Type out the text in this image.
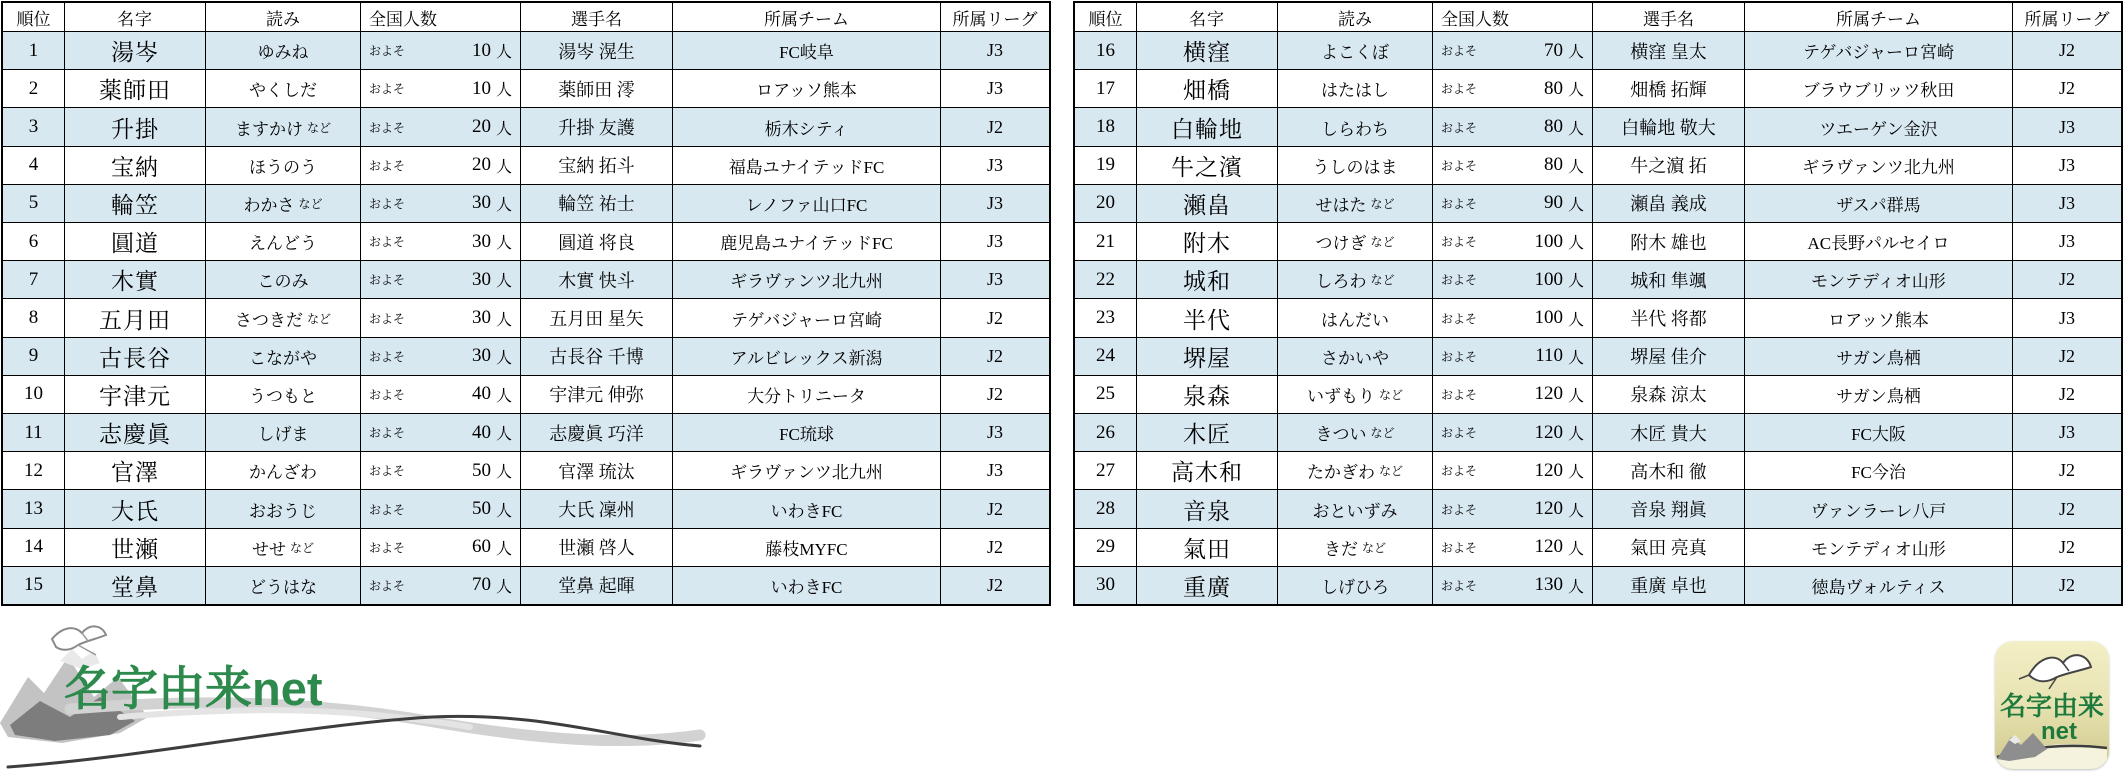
順位	名字	読み	全国人数	選手名	所属チーム	所属リーグ
1	湯岑	ゆみね	およそ	10 人	湯岑 滉生	FC岐阜	J3
2	薬師田	やくしだ	およそ	10 人	薬師田 澪	ロアッソ熊本	J3
3	升掛	ますかけ など	およそ	20 人	升掛 友護	栃木シティ	J2
4	宝納	ほうのう	およそ	20 人	宝納 拓斗	福島ユナイテッドFC	J3
5	輪笠	わかさ など	およそ	30 人	輪笠 祐士	レノファ山口FC	J3
6	圓道	えんどう	およそ	30 人	圓道 将良	鹿児島ユナイテッドFC	J3
7	木實	このみ	およそ	30 人	木實 快斗	ギラヴァンツ北九州	J3
8	五月田	さつきだ など	およそ	30 人	五月田 星矢	テゲバジャーロ宮崎	J2
9	古長谷	こながや	およそ	30 人	古長谷 千博	アルビレックス新潟	J2
10	宇津元	うつもと	およそ	40 人	宇津元 伸弥	大分トリニータ	J2
11	志慶眞	しげま	およそ	40 人	志慶眞 巧洋	FC琉球	J3
12	官澤	かんざわ	およそ	50 人	官澤 琉汰	ギラヴァンツ北九州	J3
13	大氏	おおうじ	およそ	50 人	大氏 凜州	いわきFC	J2
14	世瀬	せせ など	およそ	60 人	世瀬 啓人	藤枝MYFC	J2
15	堂鼻	どうはな	およそ	70 人	堂鼻 起暉	いわきFC	J2
順位	名字	読み	全国人数	選手名	所属チーム	所属リーグ
16	横窪	よこくぼ	およそ	70 人	横窪 皇太	テゲバジャーロ宮崎	J2
17	畑橋	はたはし	およそ	80 人	畑橋 拓輝	ブラウブリッツ秋田	J2
18	白輪地	しらわち	およそ	80 人	白輪地 敬大	ツエーゲン金沢	J3
19	牛之濱	うしのはま	およそ	80 人	牛之濵 拓	ギラヴァンツ北九州	J3
20	瀬畠	せはた など	およそ	90 人	瀬畠 義成	ザスパ群馬	J3
21	附木	つけぎ など	およそ	100 人	附木 雄也	AC長野パルセイロ	J3
22	城和	しろわ など	およそ	100 人	城和 隼颯	モンテディオ山形	J2
23	半代	はんだい	およそ	100 人	半代 将都	ロアッソ熊本	J3
24	堺屋	さかいや	およそ	110 人	堺屋 佳介	サガン鳥栖	J2
25	泉森	いずもり など	およそ	120 人	泉森 涼太	サガン鳥栖	J2
26	木匠	きつい など	およそ	120 人	木匠 貴大	FC大阪	J3
27	高木和	たかぎわ など	およそ	120 人	高木和 徹	FC今治	J2
28	音泉	おといずみ	およそ	120 人	音泉 翔眞	ヴァンラーレ八戸	J2
29	氣田	きだ など	およそ	120 人	氣田 亮真	モンテディオ山形	J2
30	重廣	しげひろ	およそ	130 人	重廣 卓也	徳島ヴォルティス	J2
名字由来net	名字由来
net
